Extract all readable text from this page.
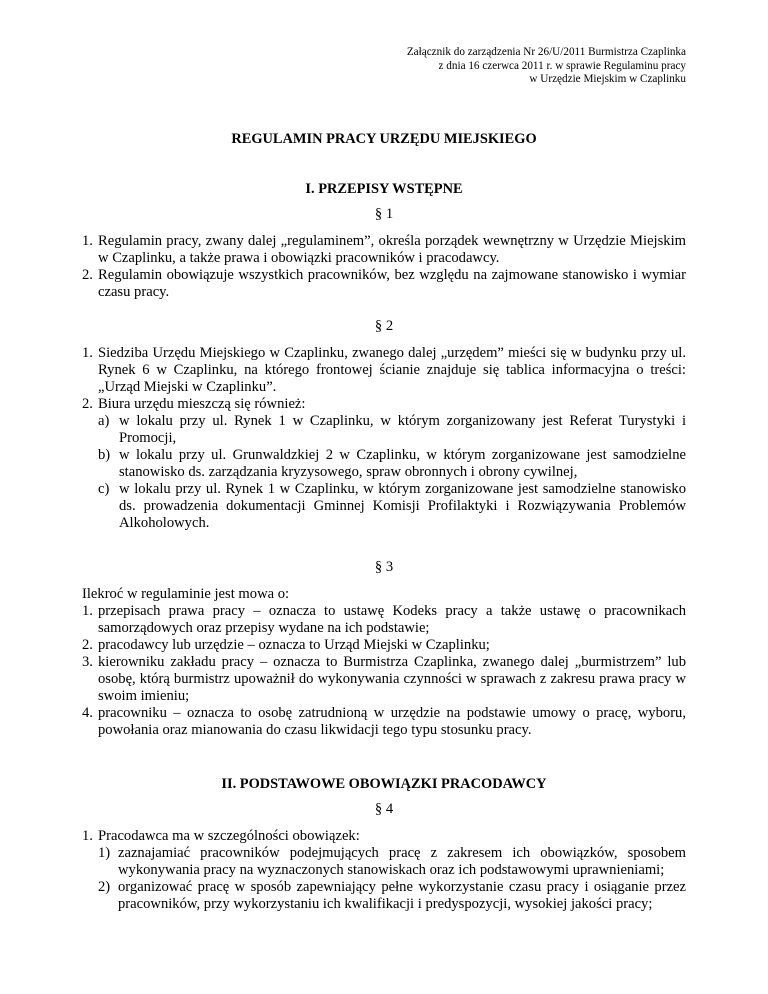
Załącznik do zarządzenia Nr 26/U/2011 Burmistrza Czaplinka
z dnia 16 czerwca 2011 r. w sprawie Regulaminu pracy
w Urzędzie Miejskim w Czaplinku
REGULAMIN PRACY URZĘDU MIEJSKIEGO
I. PRZEPISY WSTĘPNE
§ 1
1. Regulamin pracy, zwany dalej „regulaminem”, określa porządek wewnętrzny w Urzędzie Miejskim w Czaplinku, a także prawa i obowiązki pracowników i pracodawcy.
2. Regulamin obowiązuje wszystkich pracowników, bez względu na zajmowane stanowisko i wymiar czasu pracy.
§ 2
1. Siedziba Urzędu Miejskiego w Czaplinku, zwanego dalej „urzędem” mieści się w budynku przy ul. Rynek 6 w Czaplinku, na którego frontowej ścianie znajduje się tablica informacyjna o treści: „Urząd Miejski w Czaplinku”.
2. Biura urzędu mieszczą się również:
a) w lokalu przy ul. Rynek 1 w Czaplinku, w którym zorganizowany jest Referat Turystyki i Promocji,
b) w lokalu przy ul. Grunwaldzkiej 2 w Czaplinku, w którym zorganizowane jest samodzielne stanowisko ds. zarządzania kryzysowego, spraw obronnych i obrony cywilnej,
c) w lokalu przy ul. Rynek 1 w Czaplinku, w którym zorganizowane jest samodzielne stanowisko ds. prowadzenia dokumentacji Gminnej Komisji Profilaktyki i Rozwiązywania Problemów Alkoholowych.
§ 3
Ilekroć w regulaminie jest mowa o:
1. przepisach prawa pracy – oznacza to ustawę Kodeks pracy a także ustawę o pracownikach samorządowych oraz przepisy wydane na ich podstawie;
2. pracodawcy lub urzędzie – oznacza to Urząd Miejski w Czaplinku;
3. kierowniku zakładu pracy – oznacza to Burmistrza Czaplinka, zwanego dalej „burmistrzem” lub osobę, którą burmistrz upoważnił do wykonywania czynności w sprawach z zakresu prawa pracy w swoim imieniu;
4. pracowniku – oznacza to osobę zatrudnioną w urzędzie na podstawie umowy o pracę, wyboru, powołania oraz mianowania do czasu likwidacji tego typu stosunku pracy.
II. PODSTAWOWE OBOWIĄZKI PRACODAWCY
§ 4
1. Pracodawca ma w szczególności obowiązek:
1) zaznajamiać pracowników podejmujących pracę z zakresem ich obowiązków, sposobem wykonywania pracy na wyznaczonych stanowiskach oraz ich podstawowymi uprawnieniami;
2) organizować pracę w sposób zapewniający pełne wykorzystanie czasu pracy i osiąganie przez pracowników, przy wykorzystaniu ich kwalifikacji i predyspozycji, wysokiej jakości pracy;
